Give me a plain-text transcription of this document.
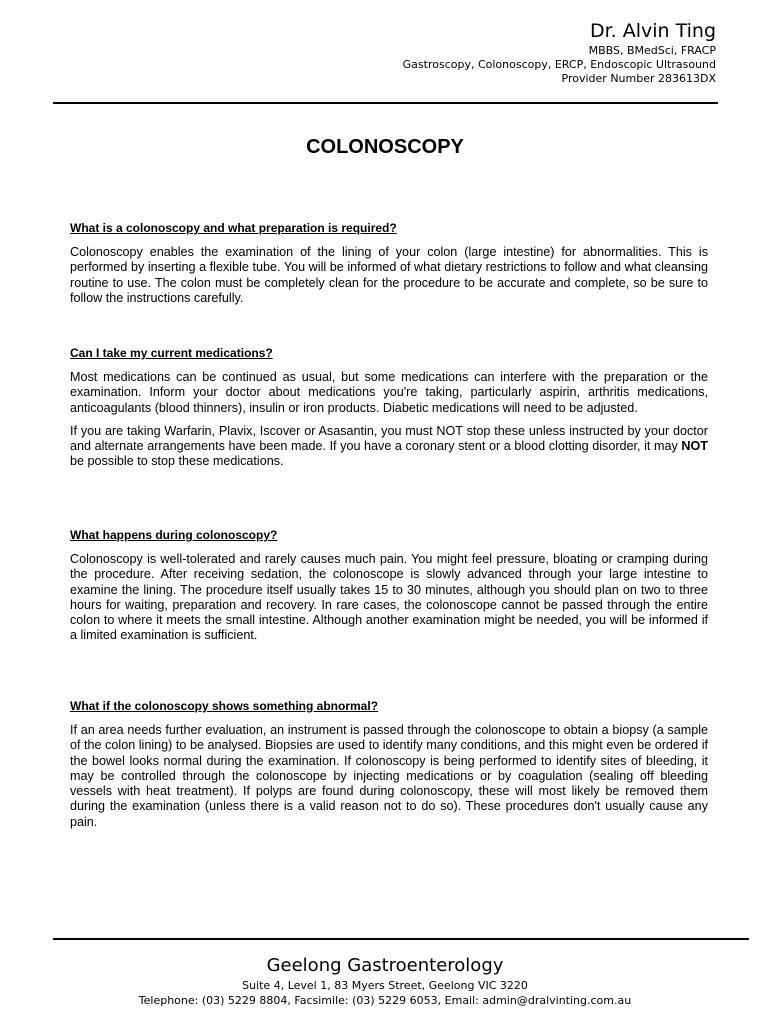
Dr. Alvin Ting
MBBS, BMedSci, FRACP
Gastroscopy, Colonoscopy, ERCP, Endoscopic Ultrasound
Provider Number 283613DX
COLONOSCOPY
What is a colonoscopy and what preparation is required?

Colonoscopy enables the examination of the lining of your colon (large intestine) for abnormalities. This is performed by inserting a flexible tube. You will be informed of what dietary restrictions to follow and what cleansing routine to use. The colon must be completely clean for the procedure to be accurate and complete, so be sure to follow the instructions carefully.

Can I take my current medications?

Most medications can be continued as usual, but some medications can interfere with the preparation or the examination. Inform your doctor about medications you're taking, particularly aspirin, arthritis medications, anticoagulants (blood thinners), insulin or iron products. Diabetic medications will need to be adjusted.

If you are taking Warfarin, Plavix, Iscover or Asasantin, you must NOT stop these unless instructed by your doctor and alternate arrangements have been made. If you have a coronary stent or a blood clotting disorder, it may NOT be possible to stop these medications.

What happens during colonoscopy?

Colonoscopy is well-tolerated and rarely causes much pain. You might feel pressure, bloating or cramping during the procedure. After receiving sedation, the colonoscope is slowly advanced through your large intestine to examine the lining. The procedure itself usually takes 15 to 30 minutes, although you should plan on two to three hours for waiting, preparation and recovery. In rare cases, the colonoscope cannot be passed through the entire colon to where it meets the small intestine. Although another examination might be needed, you will be informed if a limited examination is sufficient.

What if the colonoscopy shows something abnormal?

If an area needs further evaluation, an instrument is passed through the colonoscope to obtain a biopsy (a sample of the colon lining) to be analysed. Biopsies are used to identify many conditions, and this might even be ordered if the bowel looks normal during the examination. If colonoscopy is being performed to identify sites of bleeding, it may be controlled through the colonoscope by injecting medications or by coagulation (sealing off bleeding vessels with heat treatment). If polyps are found during colonoscopy, these will most likely be removed them during the examination (unless there is a valid reason not to do so). These procedures don't usually cause any pain.

Geelong Gastroenterology
Suite 4, Level 1, 83 Myers Street, Geelong VIC 3220
Telephone: (03) 5229 8804, Facsimile: (03) 5229 6053, Email: admin@dralvinting.com.au
